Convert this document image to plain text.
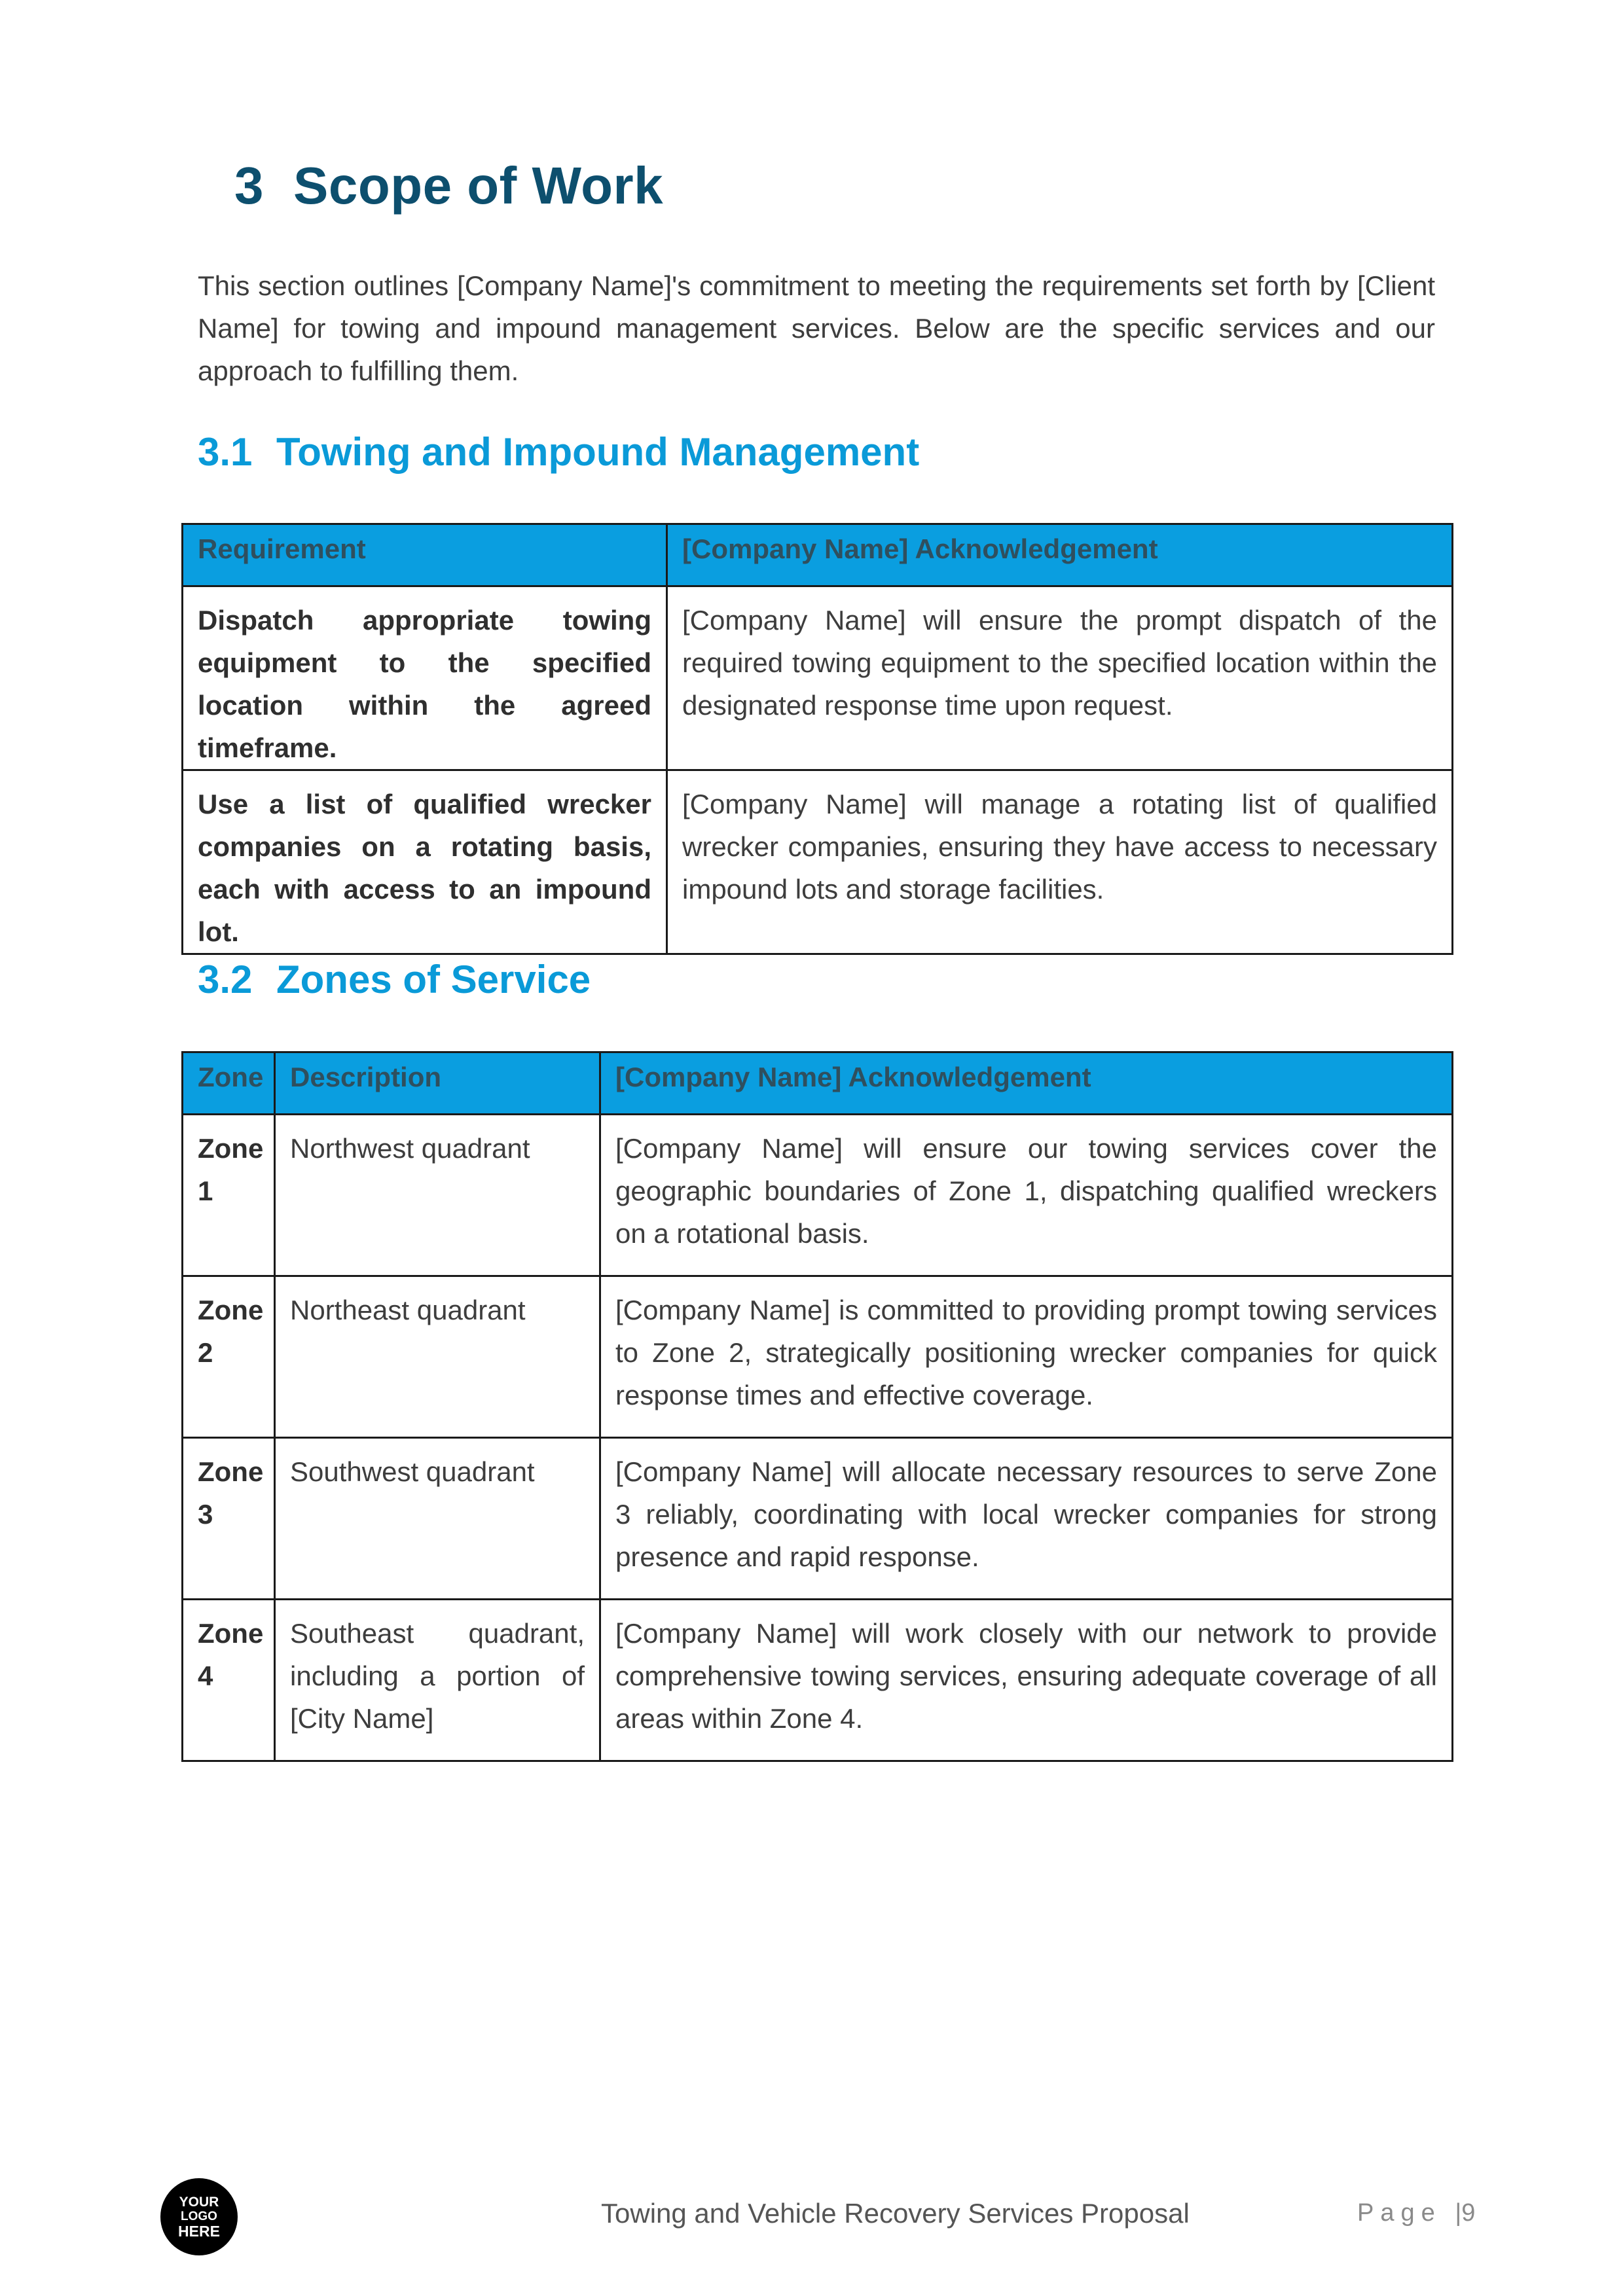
3 Scope of Work

This section outlines [Company Name]'s commitment to meeting the requirements set forth by [Client Name] for towing and impound management services. Below are the specific services and our approach to fulfilling them.

3.1 Towing and Impound Management
Requirement	[Company Name] Acknowledgement
Dispatch appropriate towing equipment to the specified location within the agreed timeframe.	[Company Name] will ensure the prompt dispatch of the required towing equipment to the specified location within the designated response time upon request.
Use a list of qualified wrecker companies on a rotating basis, each with access to an impound lot.	[Company Name] will manage a rotating list of qualified wrecker companies, ensuring they have access to necessary impound lots and storage facilities.
3.2 Zones of Service
Zone	Description	[Company Name] Acknowledgement
Zone 1	Northwest quadrant	[Company Name] will ensure our towing services cover the geographic boundaries of Zone 1, dispatching qualified wreckers on a rotational basis.
Zone 2	Northeast quadrant	[Company Name] is committed to providing prompt towing services to Zone 2, strategically positioning wrecker companies for quick response times and effective coverage.
Zone 3	Southwest quadrant	[Company Name] will allocate necessary resources to serve Zone 3 reliably, coordinating with local wrecker companies for strong presence and rapid response.
Zone 4	Southeast quadrant, including a portion of [City Name]	[Company Name] will work closely with our network to provide comprehensive towing services, ensuring adequate coverage of all areas within Zone 4.
YOUR
LOGO
HERE
Towing and Vehicle Recovery Services Proposal	Page |9
